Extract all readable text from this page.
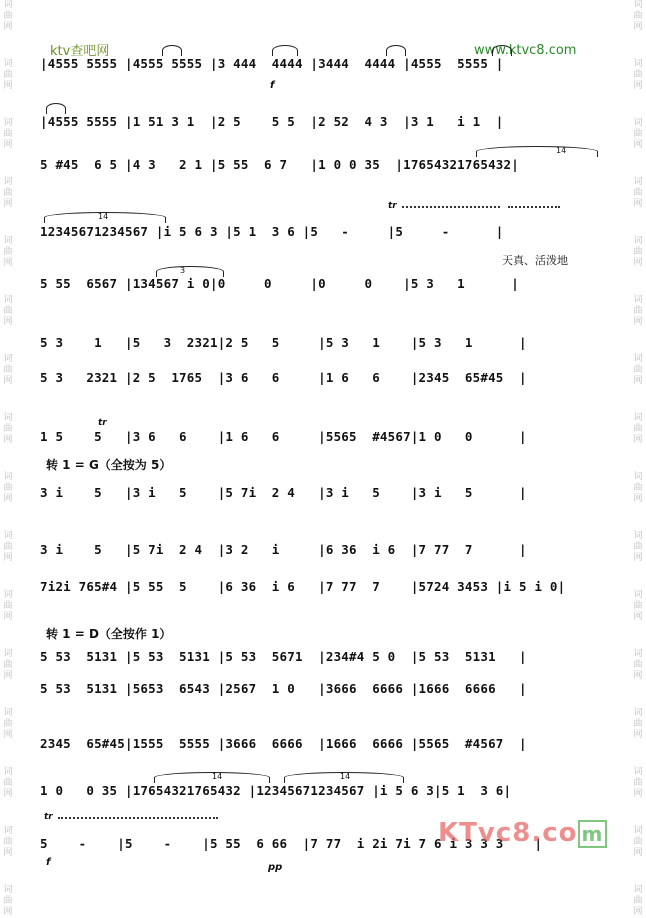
词
曲
网
词
曲
网
词
曲
网
词
曲
网
词
曲
网
词
曲
网
词
曲
网
词
曲
网
词
曲
网
词
曲
网
词
曲
网
词
曲
网
词
曲
网
词
曲
网
词
曲
网
词
曲
网
词
曲
网
词
曲
网
词
曲
网
词
曲
网
词
曲
网
词
曲
网
词
曲
网
词
曲
网
词
曲
网
词
曲
网
词
曲
网
词
曲
网
词
曲
网
词
曲
网
词
曲
网
词
曲
网
ktv查吧网	www.ktvc8.com
|4555 5555 |4555 5555 |3 444  4444 |3444  4444 |4555  5555 |
|4555 5555 |1 51 3 1  |2 5    5 5  |2 52  4 3  |3 1   i 1  |
5 #45  6 5 |4 3   2 1 |5 55  6 7   |1 0 0 35  |17654321765432|
12345671234567 |i 5 6 3 |5 1  3 6 |5   -     |5     -      |
5 55  6567 |134567 i 0|0     0     |0     0    |5 3   1      |
5 3    1   |5   3  2321|2 5   5     |5 3   1    |5 3   1      |
5 3   2321 |2 5  1765  |3 6   6     |1 6   6    |2345  65#45  |
1 5    5   |3 6   6    |1 6   6     |5565  #4567|1 0   0      |
3 i    5   |3 i   5    |5 7i  2 4   |3 i   5    |3 i   5      |
3 i    5   |5 7i  2 4  |3 2   i     |6 36  i 6  |7 77  7      |
7i2i 765#4 |5 55  5    |6 36  i 6   |7 77  7    |5724 3453 |i 5 i 0|
5 53  5131 |5 53  5131 |5 53  5671  |234#4 5 0  |5 53  5131   |
5 53  5131 |5653  6543 |2567  1 0   |3666  6666 |1666  6666   |
2345  65#45|1555  5555 |3666  6666  |1666  6666 |5565  #4567  |
1 0   0 35 |17654321765432 |12345671234567 |i 5 6 3|5 1  3 6|
5    -    |5    -    |5 55  6 66  |7 77  i 2i 7i 7 6 i 3 3 3    |
转 1 = G（全按为 5）
转 1 = D（全按作 1）
天真、活泼地
f
f	pp
tr
tr
tr
14
14
3
14	14
KTvc8.co m
